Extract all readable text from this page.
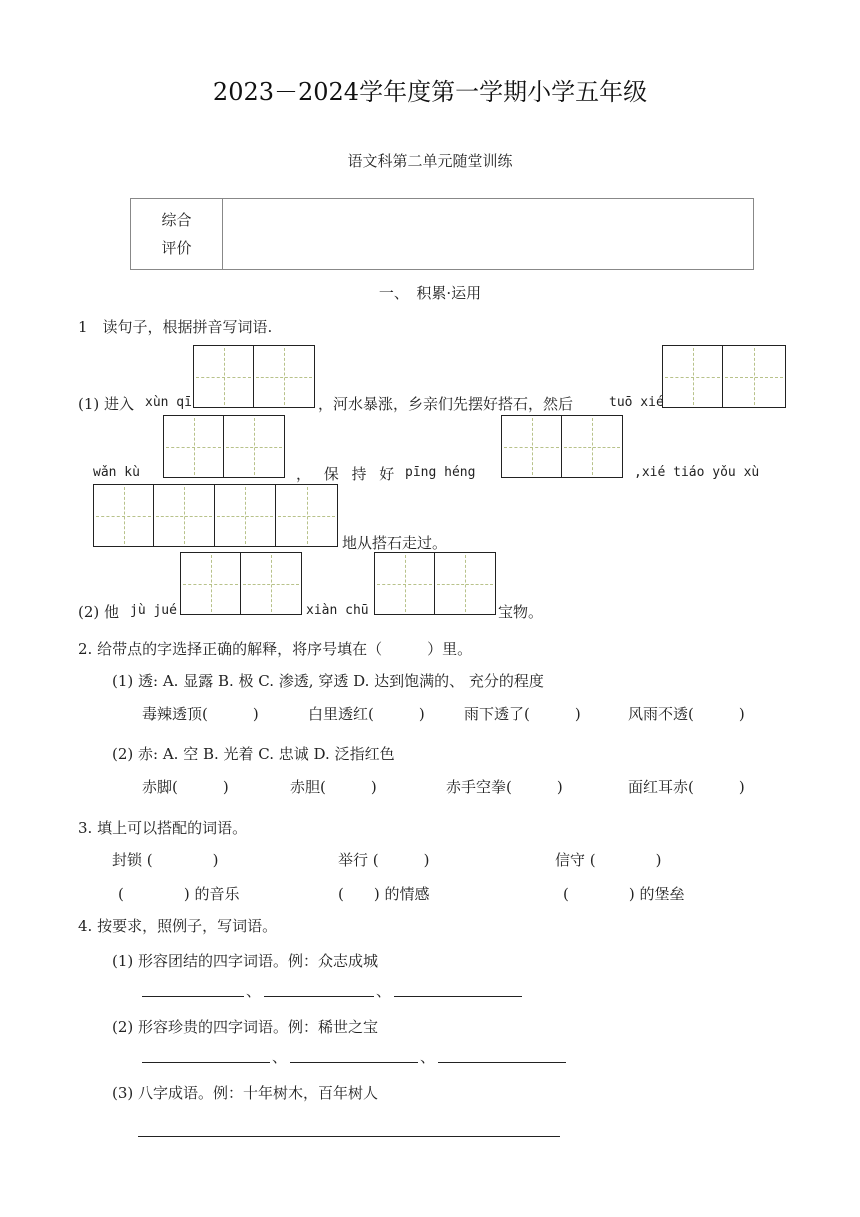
2023－2024学年度第一学期小学五年级
语文科第二单元随堂训练
综合
评价
一、　积累·运用
1　读句子，根据拼音写词语.
(1) 进入 xùn qī	，河水暴涨，乡亲们先摆好搭石，然后	tuō xié
wǎn kù	， 保 持 好 pīng héng	,xié tiáo yǒu xù
地从搭石走过。
(2) 他 jù jué	xiàn chū	宝物。
2. 给带点的字选择正确的解释，将序号填在（　　　）里。
(1) 透: A. 显露 B. 极 C. 渗透, 穿透 D. 达到饱满的、 充分的程度
毒辣透顶(　　　)	白里透红(　　　)	雨下透了(　　　)	风雨不透(　　　)
(2) 赤: A. 空 B. 光着 C. 忠诚 D. 泛指红色
赤脚(　　　)	赤胆(　　　)	赤手空拳(　　　)	面红耳赤(　　　)
3. 填上可以搭配的词语。
封锁 (　　　　)	举行 (　　　)	信守 (　　　　)
(　　　　) 的音乐	(　　) 的情感	(　　　　) 的堡垒
4. 按要求，照例子，写词语。
(1) 形容团结的四字词语。例：众志成城
、	、
(2) 形容珍贵的四字词语。例：稀世之宝
、	、
(3) 八字成语。例：十年树木，百年树人
